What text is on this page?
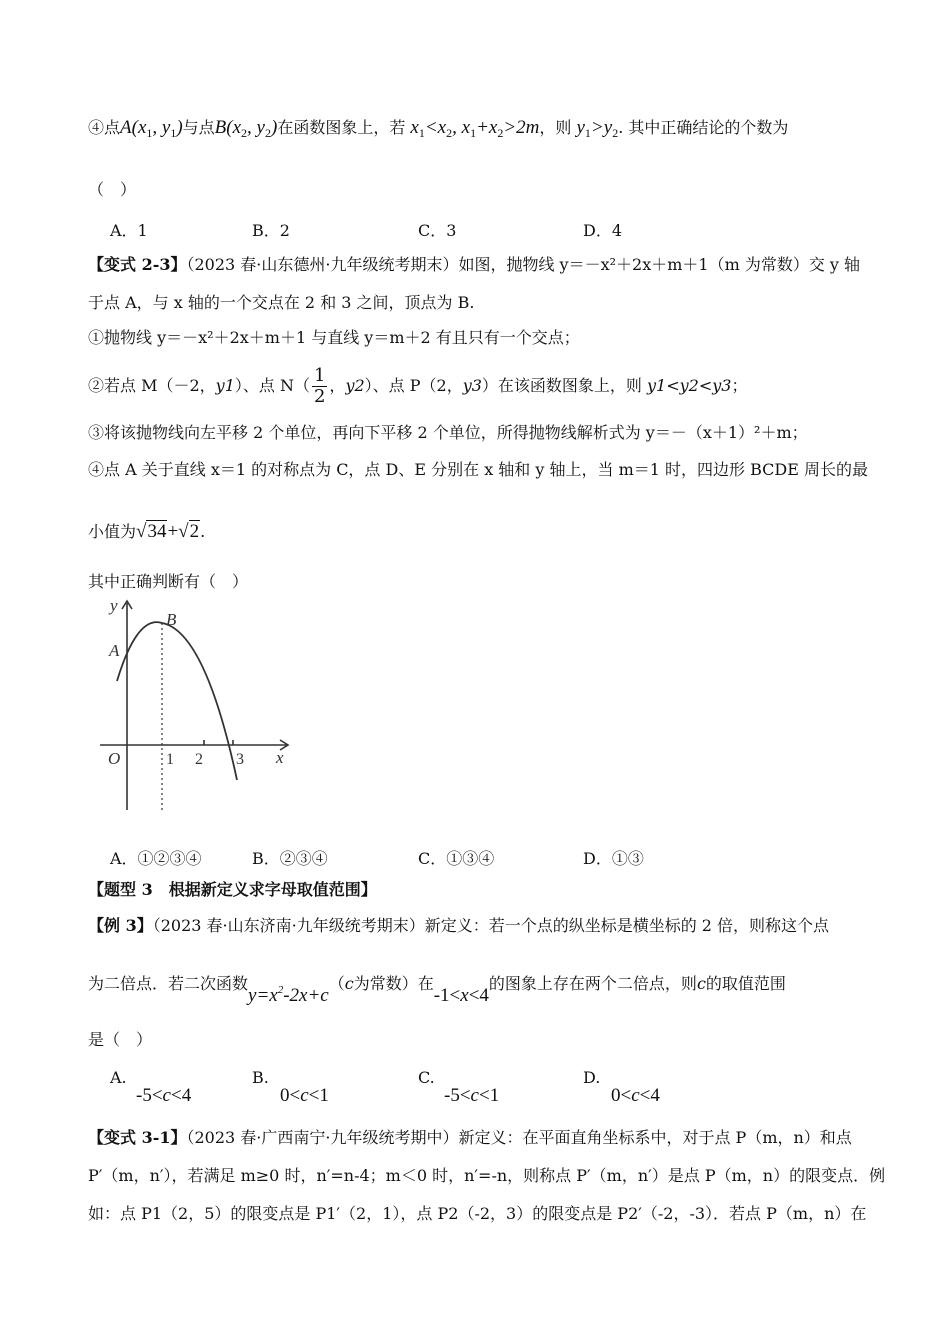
④点$A(x_1$, $y_1$)与点$B(x_2$, $y_2$)在函数图象上，若 $x_1<x_2$, $x_1+x_2>2m$，则 $y_1>y_2$. 其中正确结论的个数为
（　）
A．1	B．2	C．3	D．4
【变式 2-3】（2023 春·山东德州·九年级统考期末）如图，抛物线 y＝－x²＋2x＋m＋1（m 为常数）交 y 轴
于点 A，与 x 轴的一个交点在 2 和 3 之间，顶点为 B.
①抛物线 y＝－x²＋2x＋m＋1 与直线 y＝m＋2 有且只有一个交点；
②若点 M（－2，y1）、点 $N( \frac{1}{2}$ ，y2）、点 P（2，y3）在该函数图象上，则 y1<y2<y3；
③将该抛物线向左平移 2 个单位，再向下平移 2 个单位，所得抛物线解析式为 y＝－（x＋1）²＋m；
④点 A 关于直线 x＝1 的对称点为 C，点 D、E 分别在 x 轴和 y 轴上，当 m＝1 时，四边形 BCDE 周长的最
小值为√34+√2.
其中正确判断有（　）
y
x
O
A
B
1 2 3
A．①②③④	B．②③④	C．①③④	D．①③
【题型 3　根据新定义求字母取值范围】
【例 3】（2023 春·山东济南·九年级统考期末）新定义：若一个点的纵坐标是横坐标的 2 倍，则称这个点
为二倍点．若二次函数$y=x^2-2x+c(c$为常数）在-1<x<4的图象上存在两个二倍点，则c的取值范围
是（　）
A.
-5<c<4
B.
0<c<1
C.
-5<c<1
D.
0<c<4
【变式 3-1】（2023 春·广西南宁·九年级统考期中）新定义：在平面直角坐标系中，对于点 P（m，n）和点
P′（m，n′），若满足 m≥0 时，n′=n-4；m＜0 时，n′=-n，则称点 P′（m，n′）是点 P（m，n）的限变点．例
如：点 P1（2，5）的限变点是 P1′（2，1），点 P2（-2，3）的限变点是 P2′（-2，-3）．若点 P（m，n）在
